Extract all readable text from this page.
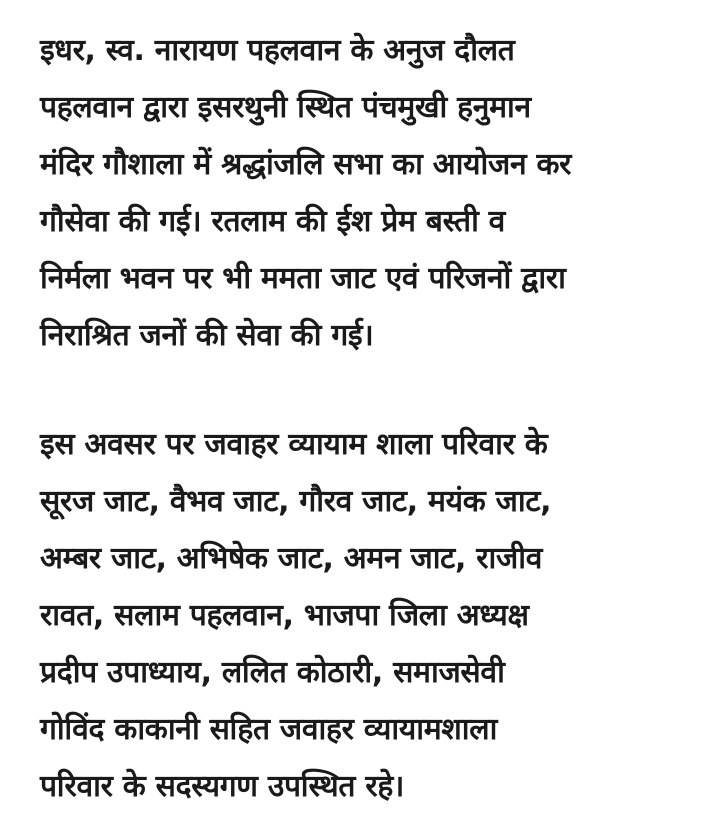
इधर, स्व. नारायण पहलवान के अनुज दौलत
पहलवान द्वारा इसरथुनी स्थित पंचमुखी हनुमान
मंदिर गौशाला में श्रद्धांजलि सभा का आयोजन कर
गौसेवा की गई। रतलाम की ईश प्रेम बस्ती व
निर्मला भवन पर भी ममता जाट एवं परिजनों द्वारा
निराश्रित जनों की सेवा की गई।

इस अवसर पर जवाहर व्यायाम शाला परिवार के
सूरज जाट, वैभव जाट, गौरव जाट, मयंक जाट,
अम्बर जाट, अभिषेक जाट, अमन जाट, राजीव
रावत, सलाम पहलवान, भाजपा जिला अध्यक्ष
प्रदीप उपाध्याय, ललित कोठारी, समाजसेवी
गोविंद काकानी सहित जवाहर व्यायामशाला
परिवार के सदस्यगण उपस्थित रहे।
